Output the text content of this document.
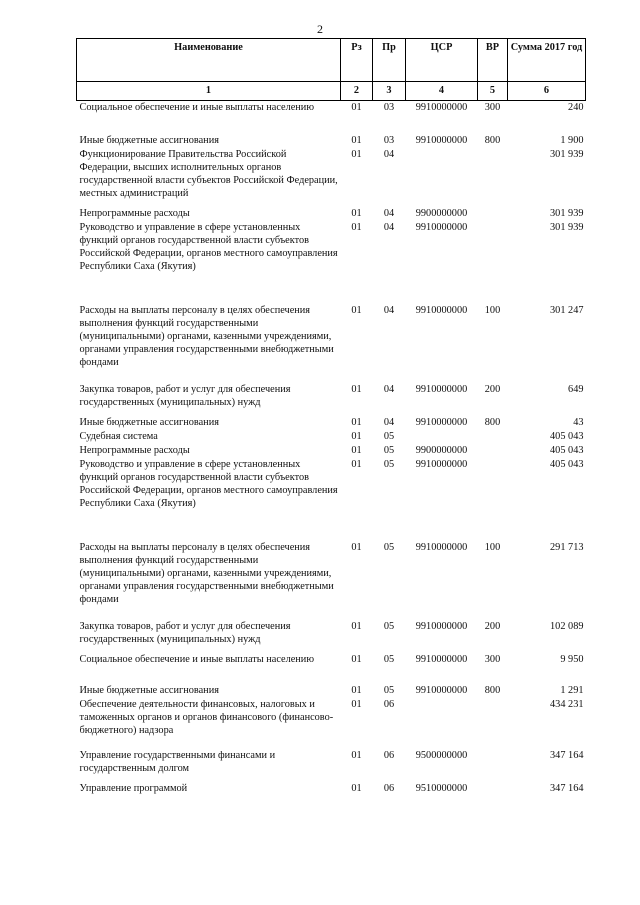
2
Наименование	Рз	Пр	ЦСР	ВР	Сумма 2017 год
1	2	3	4	5	6
Социальное обеспечение и иные выплаты населению	01	03	9910000000	300	240
Иные бюджетные ассигнования	01	03	9910000000	800	1 900
Функционирование Правительства Российской Федерации, высших исполнительных органов государственной власти субъектов Российской Федерации, местных администраций	01	04			301 939
Непрограммные расходы	01	04	9900000000		301 939
Руководство и управление в сфере установленных функций органов государственной власти субъектов Российской Федерации, органов местного самоуправления Республики Саха (Якутия)	01	04	9910000000		301 939
Расходы на выплаты персоналу в целях обеспечения выполнения функций государственными (муниципальными) органами, казенными учреждениями, органами управления государственными внебюджетными фондами	01	04	9910000000	100	301 247
Закупка товаров, работ и услуг для обеспечения государственных (муниципальных) нужд	01	04	9910000000	200	649
Иные бюджетные ассигнования	01	04	9910000000	800	43
Судебная система	01	05			405 043
Непрограммные расходы	01	05	9900000000		405 043
Руководство и управление в сфере установленных функций органов государственной власти субъектов Российской Федерации, органов местного самоуправления Республики Саха (Якутия)	01	05	9910000000		405 043
Расходы на выплаты персоналу в целях обеспечения выполнения функций государственными (муниципальными) органами, казенными учреждениями, органами управления государственными внебюджетными фондами	01	05	9910000000	100	291 713
Закупка товаров, работ и услуг для обеспечения государственных (муниципальных) нужд	01	05	9910000000	200	102 089
Социальное обеспечение и иные выплаты населению	01	05	9910000000	300	9 950
Иные бюджетные ассигнования	01	05	9910000000	800	1 291
Обеспечение деятельности финансовых, налоговых и таможенных органов и органов финансового (финансово-бюджетного) надзора	01	06			434 231
Управление государственными финансами и государственным долгом	01	06	9500000000		347 164
Управление программой	01	06	9510000000		347 164
